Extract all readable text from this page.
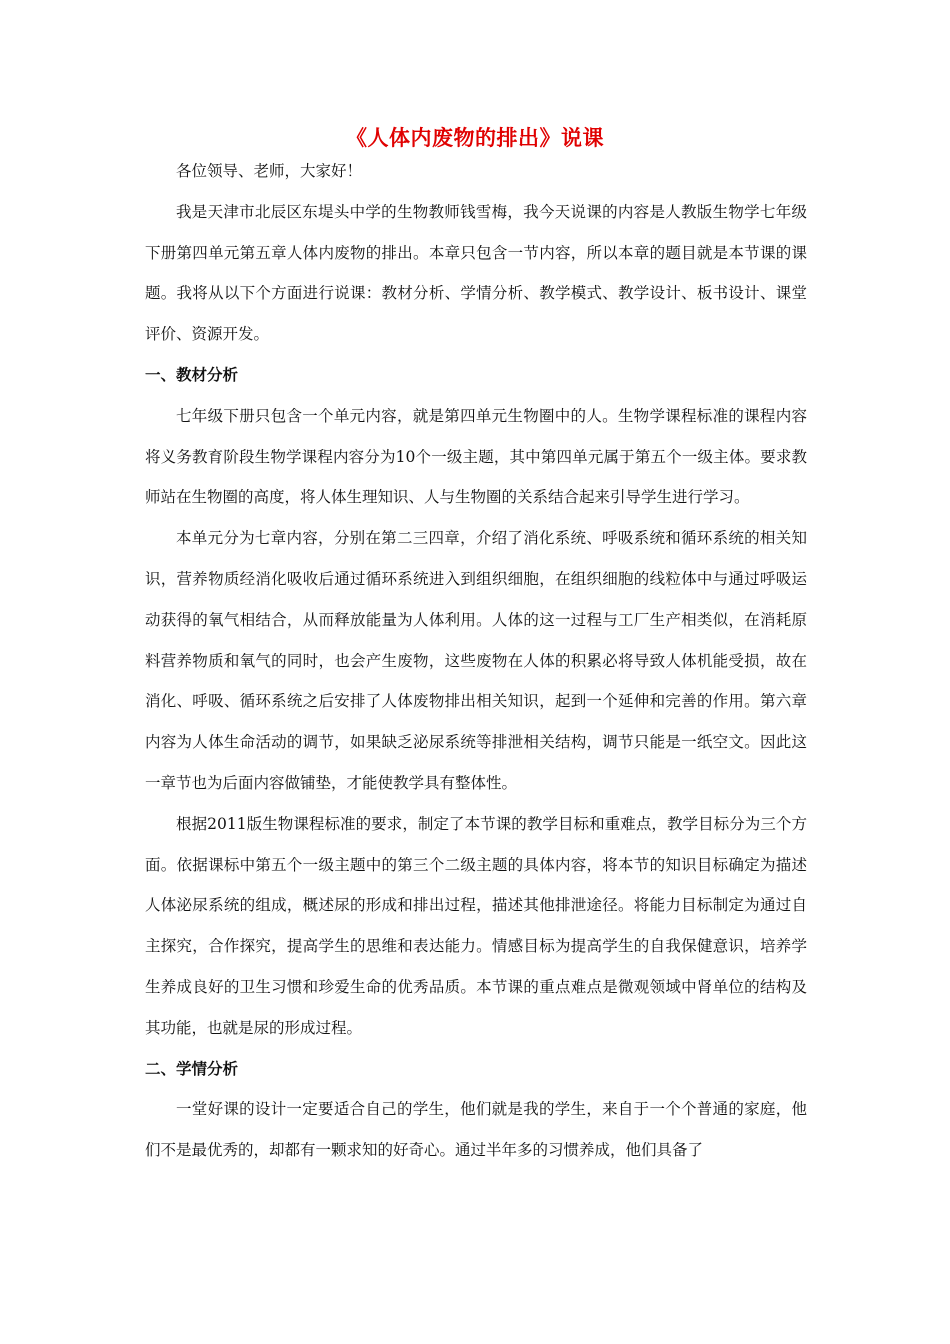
《人体内废物的排出》说课

各位领导、老师，大家好！

我是天津市北辰区东堤头中学的生物教师钱雪梅，我今天说课的内容是人教版生物学七年级下册第四单元第五章人体内废物的排出。本章只包含一节内容，所以本章的题目就是本节课的课题。我将从以下个方面进行说课：教材分析、学情分析、教学模式、教学设计、板书设计、课堂评价、资源开发。

一、教材分析

七年级下册只包含一个单元内容，就是第四单元生物圈中的人。生物学课程标准的课程内容将义务教育阶段生物学课程内容分为10个一级主题，其中第四单元属于第五个一级主体。要求教师站在生物圈的高度，将人体生理知识、人与生物圈的关系结合起来引导学生进行学习。

本单元分为七章内容，分别在第二三四章，介绍了消化系统、呼吸系统和循环系统的相关知识，营养物质经消化吸收后通过循环系统进入到组织细胞，在组织细胞的线粒体中与通过呼吸运动获得的氧气相结合，从而释放能量为人体利用。人体的这一过程与工厂生产相类似，在消耗原料营养物质和氧气的同时，也会产生废物，这些废物在人体的积累必将导致人体机能受损，故在消化、呼吸、循环系统之后安排了人体废物排出相关知识，起到一个延伸和完善的作用。第六章内容为人体生命活动的调节，如果缺乏泌尿系统等排泄相关结构，调节只能是一纸空文。因此这一章节也为后面内容做铺垫，才能使教学具有整体性。

根据2011版生物课程标准的要求，制定了本节课的教学目标和重难点，教学目标分为三个方面。依据课标中第五个一级主题中的第三个二级主题的具体内容，将本节的知识目标确定为描述人体泌尿系统的组成，概述尿的形成和排出过程，描述其他排泄途径。将能力目标制定为通过自主探究，合作探究，提高学生的思维和表达能力。情感目标为提高学生的自我保健意识，培养学生养成良好的卫生习惯和珍爱生命的优秀品质。本节课的重点难点是微观领域中肾单位的结构及其功能，也就是尿的形成过程。

二、学情分析

一堂好课的设计一定要适合自己的学生，他们就是我的学生，来自于一个个普通的家庭，他们不是最优秀的，却都有一颗求知的好奇心。通过半年多的习惯养成，他们具备了
